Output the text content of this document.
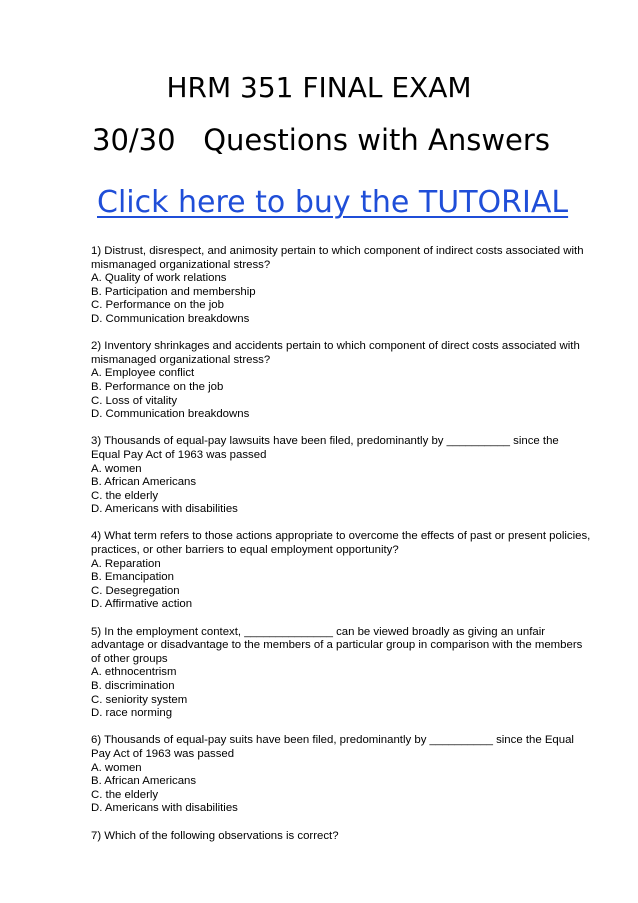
HRM 351 FINAL EXAM
30/30   Questions with Answers
Click here to buy the TUTORIAL
1) Distrust, disrespect, and animosity pertain to which component of indirect costs associated with mismanaged organizational stress?
A. Quality of work relations
B. Participation and membership
C. Performance on the job
D. Communication breakdowns
2) Inventory shrinkages and accidents pertain to which component of direct costs associated with mismanaged organizational stress?
A. Employee conflict
B. Performance on the job
C. Loss of vitality
D. Communication breakdowns
3) Thousands of equal-pay lawsuits have been filed, predominantly by __________ since the Equal Pay Act of 1963 was passed
A. women
B. African Americans
C. the elderly
D. Americans with disabilities
4) What term refers to those actions appropriate to overcome the effects of past or present policies, practices, or other barriers to equal employment opportunity?
A. Reparation
B. Emancipation
C. Desegregation
D. Affirmative action
5) In the employment context, ______________ can be viewed broadly as giving an unfair advantage or disadvantage to the members of a particular group in comparison with the members of other groups
A. ethnocentrism
B. discrimination
C. seniority system
D. race norming
6) Thousands of equal-pay suits have been filed, predominantly by __________ since the Equal Pay Act of 1963 was passed
A. women
B. African Americans
C. the elderly
D. Americans with disabilities
7) Which of the following observations is correct?
